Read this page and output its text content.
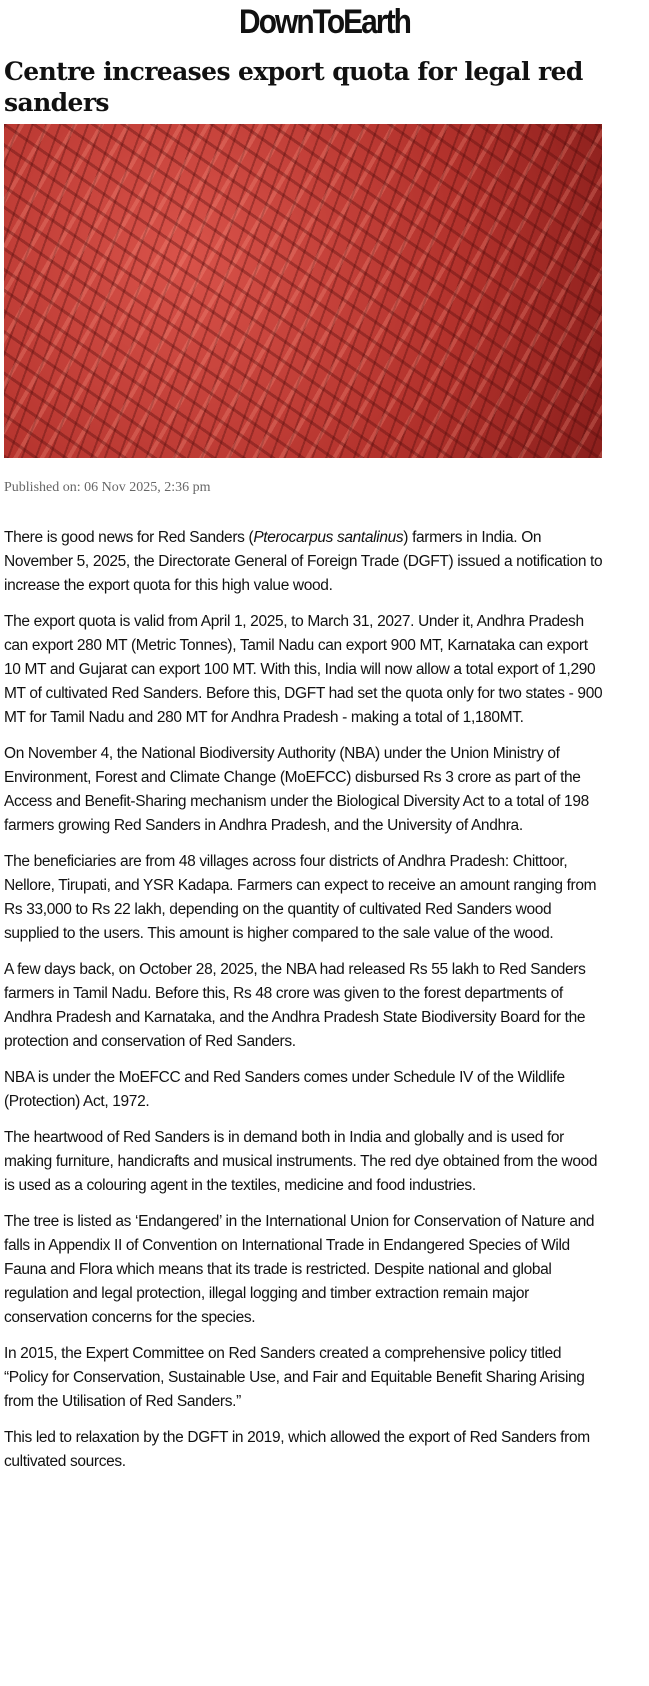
DownToEarth
Centre increases export quota for legal red sanders
Published on: 06 Nov 2025, 2:36 pm

There is good news for Red Sanders (Pterocarpus santalinus) farmers in India. On November 5, 2025, the Directorate General of Foreign Trade (DGFT) issued a notification to increase the export quota for this high value wood.

The export quota is valid from April 1, 2025, to March 31, 2027. Under it, Andhra Pradesh can export 280 MT (Metric Tonnes), Tamil Nadu can export 900 MT, Karnataka can export 10 MT and Gujarat can export 100 MT. With this, India will now allow a total export of 1,290 MT of cultivated Red Sanders. Before this, DGFT had set the quota only for two states - 900 MT for Tamil Nadu and 280 MT for Andhra Pradesh - making a total of 1,180MT.

On November 4, the National Biodiversity Authority (NBA) under the Union Ministry of Environment, Forest and Climate Change (MoEFCC) disbursed Rs 3 crore as part of the Access and Benefit-Sharing mechanism under the Biological Diversity Act to a total of 198 farmers growing Red Sanders in Andhra Pradesh, and the University of Andhra.

The beneficiaries are from 48 villages across four districts of Andhra Pradesh: Chittoor, Nellore, Tirupati, and YSR Kadapa. Farmers can expect to receive an amount ranging from Rs 33,000 to Rs 22 lakh, depending on the quantity of cultivated Red Sanders wood supplied to the users. This amount is higher compared to the sale value of the wood.

A few days back, on October 28, 2025, the NBA had released Rs 55 lakh to Red Sanders farmers in Tamil Nadu. Before this, Rs 48 crore was given to the forest departments of Andhra Pradesh and Karnataka, and the Andhra Pradesh State Biodiversity Board for the protection and conservation of Red Sanders.

NBA is under the MoEFCC and Red Sanders comes under Schedule IV of the Wildlife (Protection) Act, 1972.

The heartwood of Red Sanders is in demand both in India and globally and is used for making furniture, handicrafts and musical instruments. The red dye obtained from the wood is used as a colouring agent in the textiles, medicine and food industries.

The tree is listed as ‘Endangered’ in the International Union for Conservation of Nature and falls in Appendix II of Convention on International Trade in Endangered Species of Wild Fauna and Flora which means that its trade is restricted. Despite national and global regulation and legal protection, illegal logging and timber extraction remain major conservation concerns for the species.

In 2015, the Expert Committee on Red Sanders created a comprehensive policy titled “Policy for Conservation, Sustainable Use, and Fair and Equitable Benefit Sharing Arising from the Utilisation of Red Sanders.”

This led to relaxation by the DGFT in 2019, which allowed the export of Red Sanders from cultivated sources.
